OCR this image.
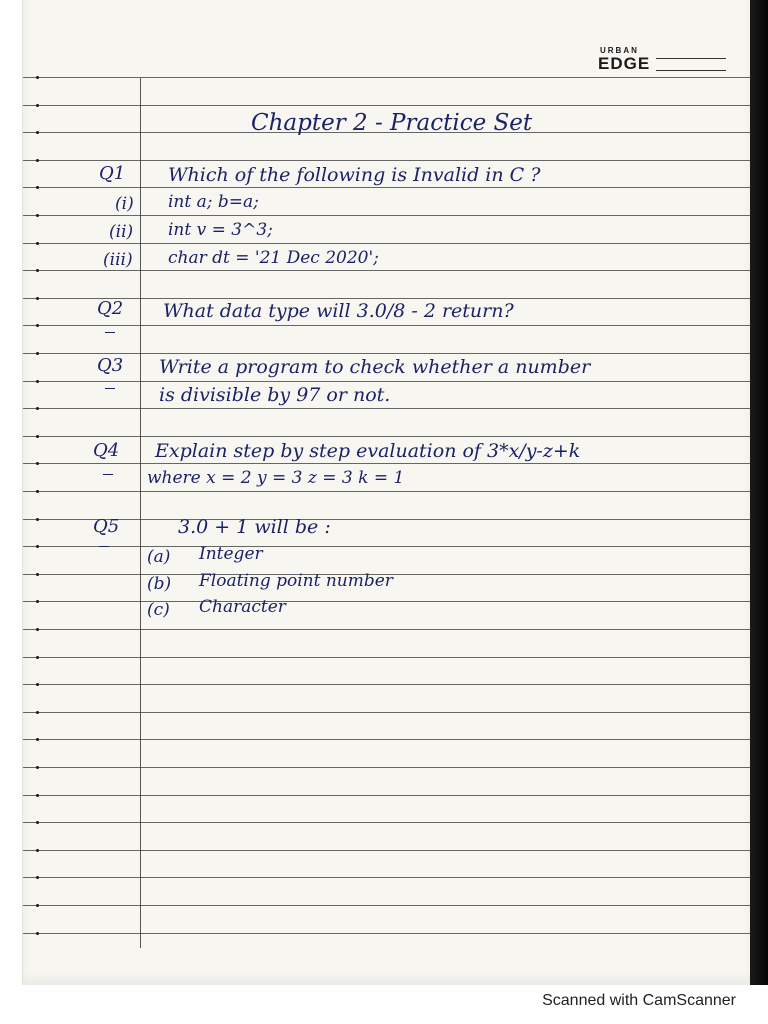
URBAN
EDGE
Chapter 2 - Practice Set
Q1 Which of the following is Invalid in C ?
(i) int a; b=a;
(ii) int v = 3^3;
(iii) char dt = '21 Dec 2020';
Q2 What data type will 3.0/8 - 2 return?
Q3 Write a program to check whether a number
is divisible by 97 or not.
Q4 Explain step by step evaluation of 3*x/y-z+k
where x = 2 y = 3 z = 3 k = 1
Q5	3.0 + 1 will be :
(a) Integer
(b) Floating point number
(c) Character
Scanned with CamScanner
